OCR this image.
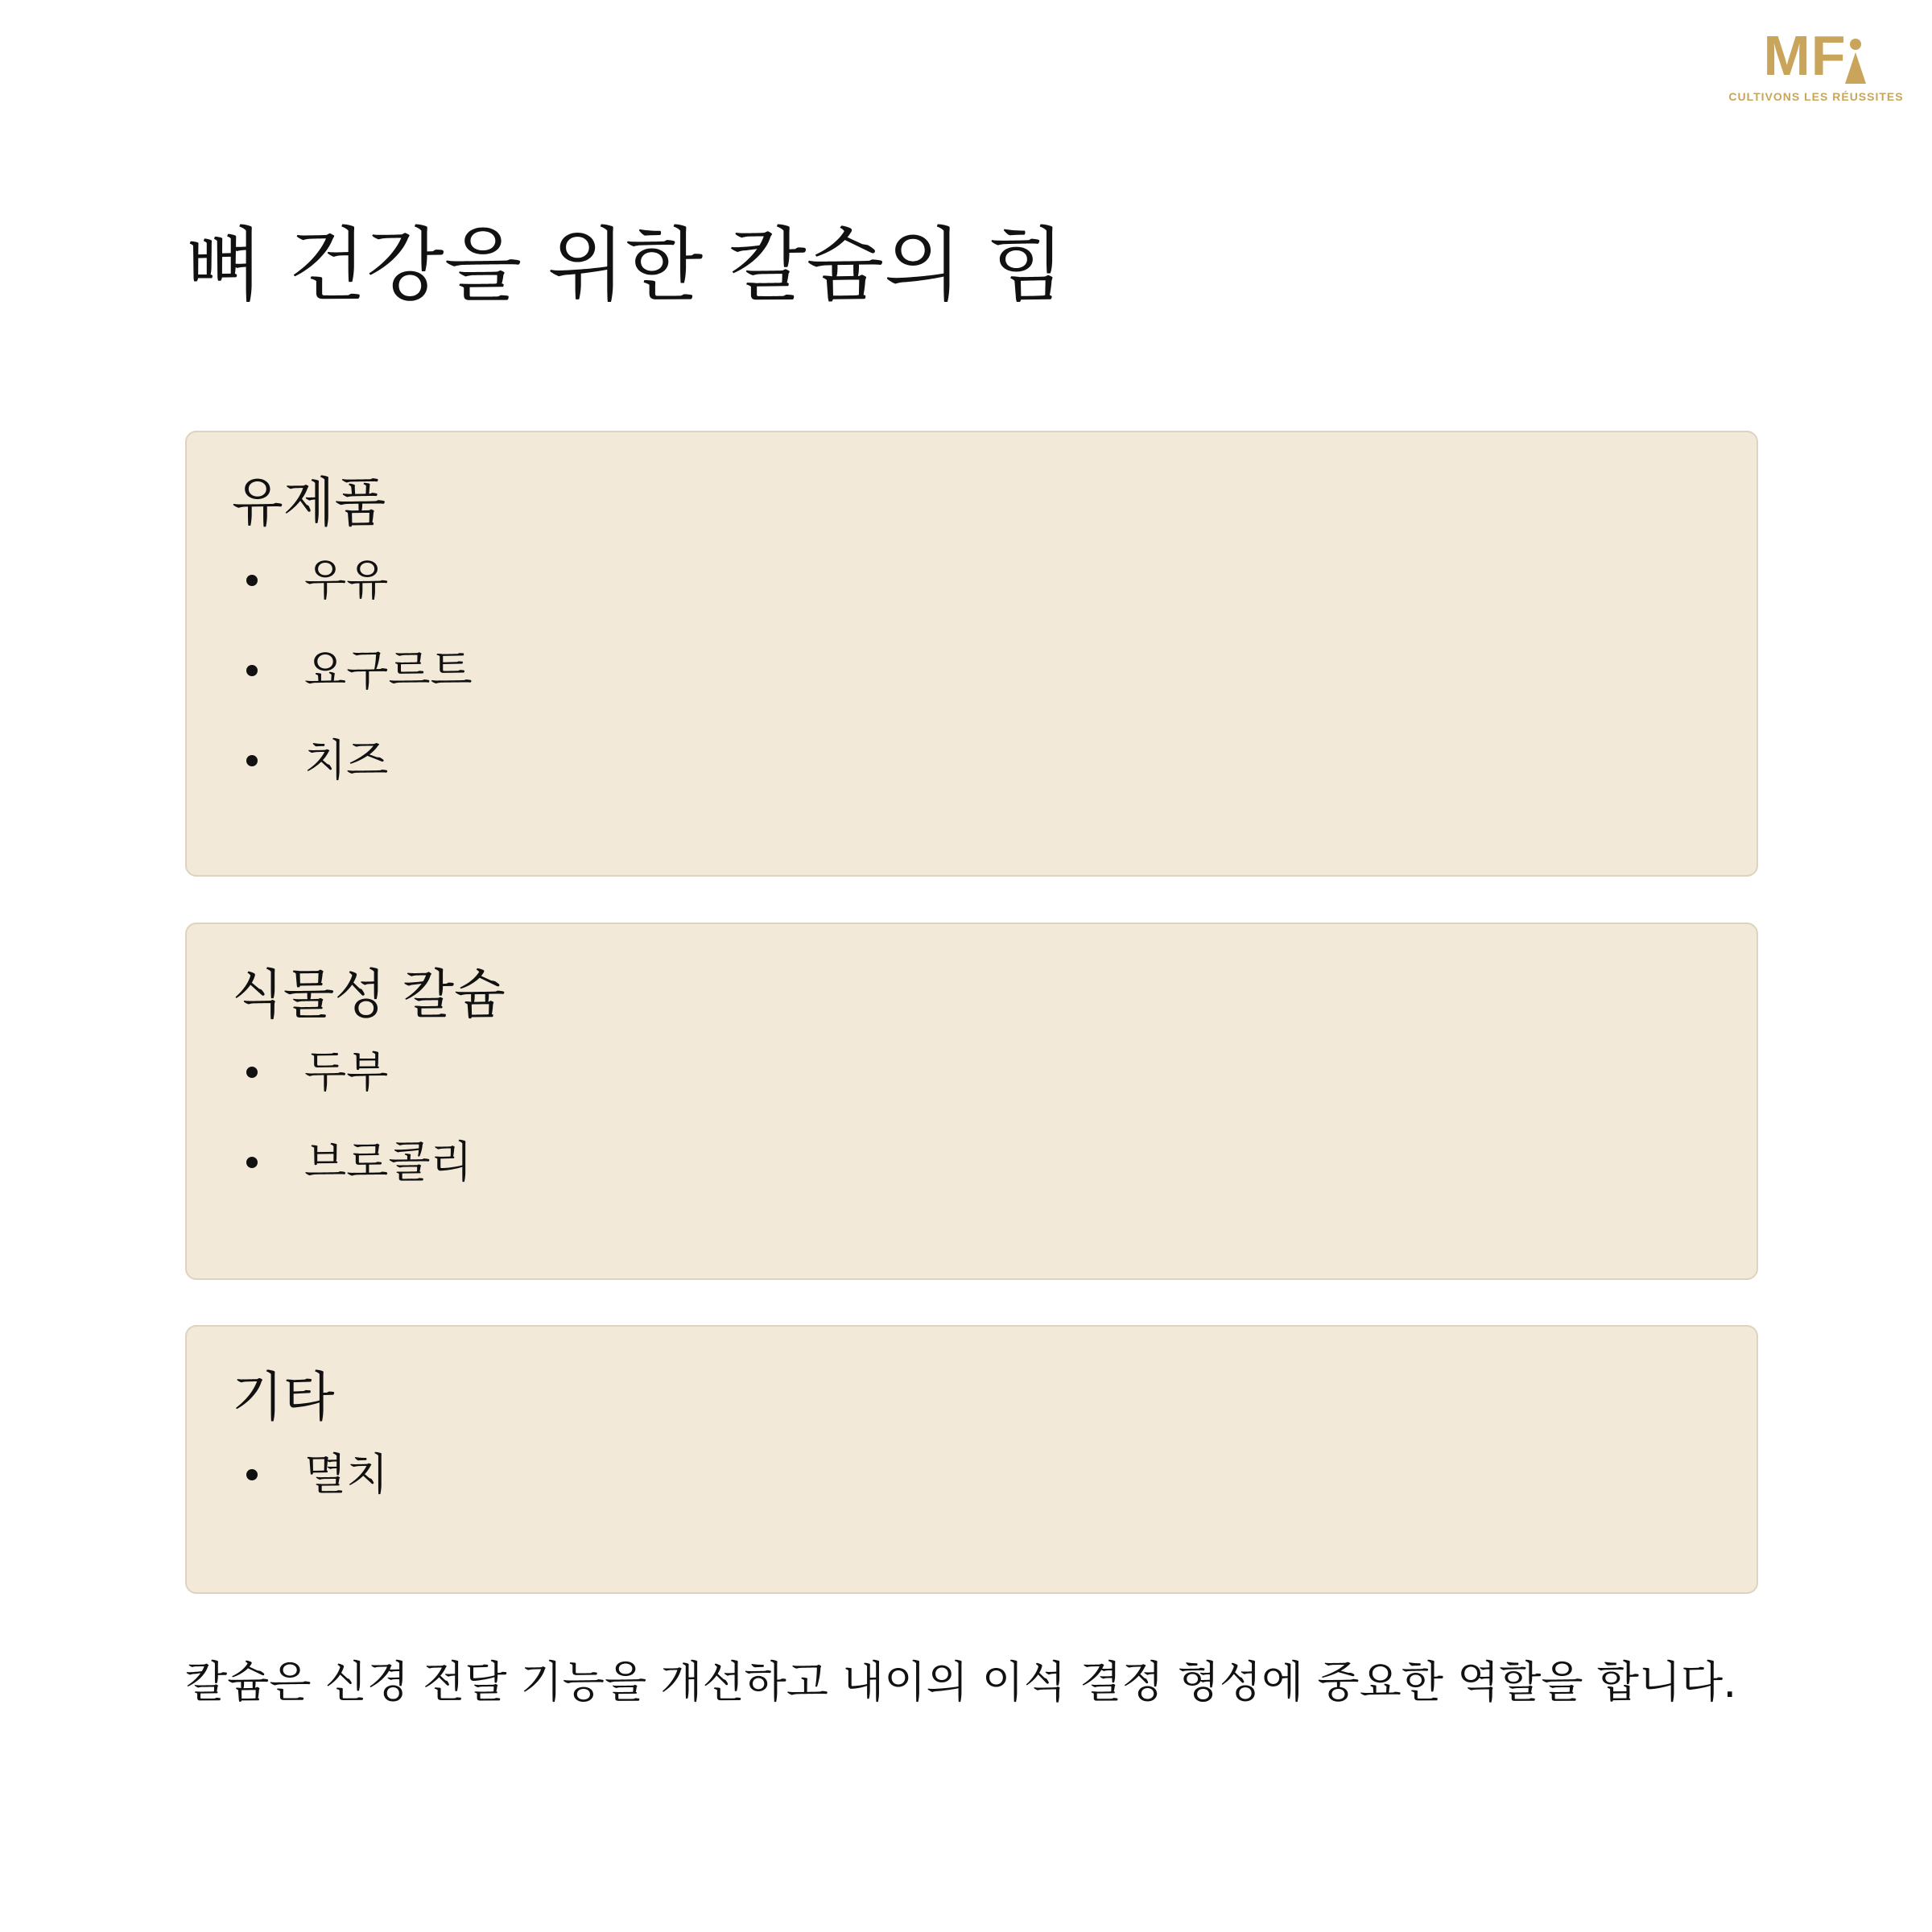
MF
CULTIVONS LES RÉUSSITES
뼈 건강을 위한 칼슘의 힘
유제품
우유
요구르트
치즈
식물성 칼슘
두부
브로콜리
기타
멸치

칼슘은 신경 전달 기능을 개선하고 내이의 이석 결정 형성에 중요한 역할을 합니다.
